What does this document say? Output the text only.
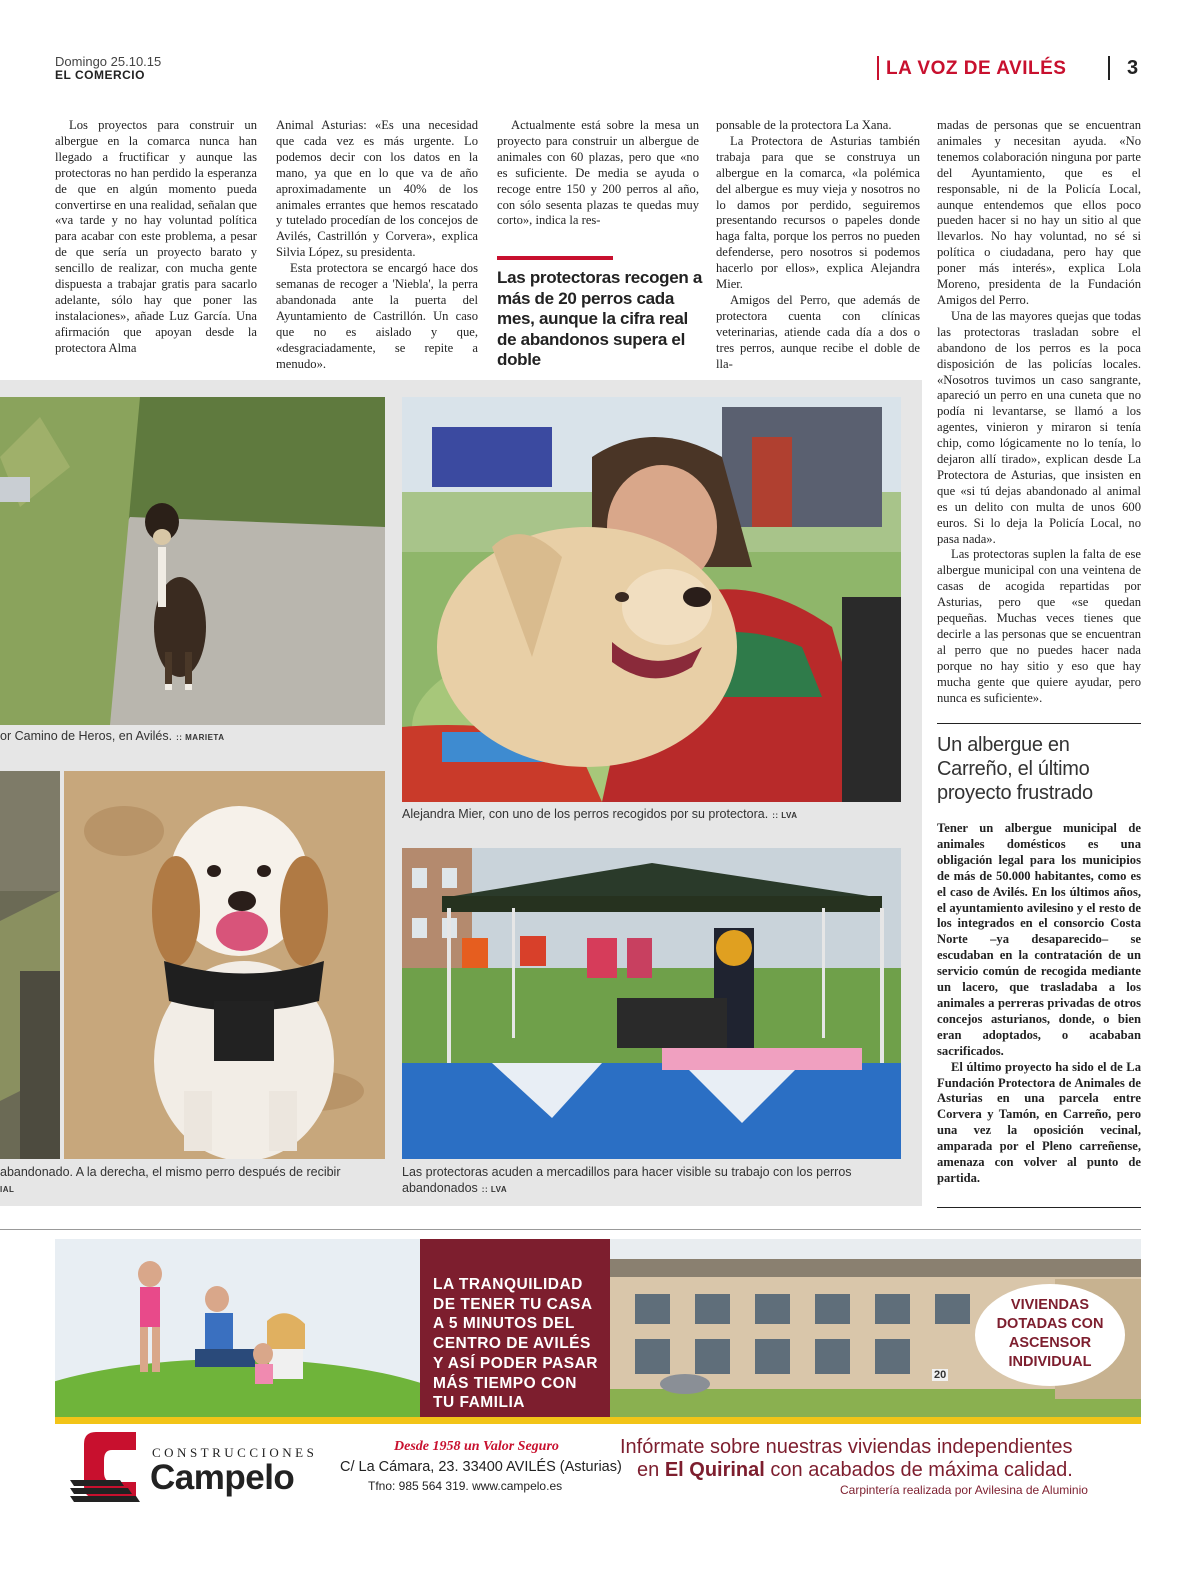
Domingo 25.10.15
EL COMERCIO	LA VOZ DE AVILÉS	3

Los proyectos para construir un albergue en la comarca nunca han llegado a fructificar y aunque las protectoras no han perdido la esperanza de que en algún momento pueda convertirse en una realidad, señalan que «va tarde y no hay voluntad política para acabar con este problema, a pesar de que sería un proyecto barato y sencillo de realizar, con mucha gente dispuesta a trabajar gratis para sacarlo adelante, sólo hay que poner las instalaciones», añade Luz García. Una afirmación que apoyan desde la protectora Alma

Animal Asturias: «Es una necesidad que cada vez es más urgente. Lo podemos decir con los datos en la mano, ya que en lo que va de año aproximadamente un 40% de los animales errantes que hemos rescatado y tutelado procedían de los concejos de Avilés, Castrillón y Corvera», explica Silvia López, su presidenta.

Esta protectora se encargó hace dos semanas de recoger a 'Niebla', la perra abandonada ante la puerta del Ayuntamiento de Castrillón. Un caso que no es aislado y que, «desgraciadamente, se repite a menudo».

Actualmente está sobre la mesa un proyecto para construir un albergue de animales con 60 plazas, pero que «no es suficiente. De media se ayuda o recoge entre 150 y 200 perros al año, con sólo sesenta plazas te quedas muy corto», indica la res-

Las protectoras recogen a más de 20 perros cada mes, aunque la cifra real de abandonos supera el doble

ponsable de la protectora La Xana.

La Protectora de Asturias también trabaja para que se construya un albergue en la comarca, «la polémica del albergue es muy vieja y nosotros no lo damos por perdido, seguiremos presentando recursos o papeles donde haga falta, porque los perros no pueden defenderse, pero nosotros si podemos hacerlo por ellos», explica Alejandra Mier.

Amigos del Perro, que además de protectora cuenta con clínicas veterinarias, atiende cada día a dos o tres perros, aunque recibe el doble de lla-

madas de personas que se encuentran animales y necesitan ayuda. «No tenemos colaboración ninguna por parte del Ayuntamiento, que es el responsable, ni de la Policía Local, aunque entendemos que ellos poco pueden hacer si no hay un sitio al que llevarlos. No hay voluntad, no sé si política o ciudadana, pero hay que poner más interés», explica Lola Moreno, presidenta de la Fundación Amigos del Perro.

Una de las mayores quejas que todas las protectoras trasladan sobre el abandono de los perros es la poca disposición de las policías locales. «Nosotros tuvimos un caso sangrante, apareció un perro en una cuneta que no podía ni levantarse, se llamó a los agentes, vinieron y miraron si tenía chip, como lógicamente no lo tenía, lo dejaron allí tirado», explican desde La Protectora de Asturias, que insisten en que «si tú dejas abandonado al animal es un delito con multa de unos 600 euros. Si lo deja la Policía Local, no pasa nada».

Las protectoras suplen la falta de ese albergue municipal con una veintena de casas de acogida repartidas por Asturias, pero que «se quedan pequeñas. Muchas veces tienes que decirle a las personas que se encuentran al perro que no puedes hacer nada porque no hay sitio y eso que hay mucha gente que quiere ayudar, pero nunca es suficiente».

or Camino de Heros, en Avilés. :: MARIETA
Alejandra Mier, con uno de los perros recogidos por su protectora. :: LVA
abandonado. A la derecha, el mismo perro después de recibir
IAL
Las protectoras acuden a mercadillos para hacer visible su trabajo con los perros abandonados :: LVA
Un albergue en Carreño, el último proyecto frustrado

Tener un albergue municipal de animales domésticos es una obligación legal para los municipios de más de 50.000 habitantes, como es el caso de Avilés. En los últimos años, el ayuntamiento avilesino y el resto de los integrados en el consorcio Costa Norte –ya desaparecido– se escudaban en la contratación de un servicio común de recogida mediante un lacero, que trasladaba a los animales a perreras privadas de otros concejos asturianos, donde, o bien eran adoptados, o acababan sacrificados.

El último proyecto ha sido el de La Fundación Protectora de Animales de Asturias en una parcela entre Corvera y Tamón, en Carreño, pero una vez la oposición vecinal, amparada por el Pleno carreñense, amenaza con volver al punto de partida.

LA TRANQUILIDAD
DE TENER TU CASA
A 5 MINUTOS DEL
CENTRO DE AVILÉS
Y ASÍ PODER PASAR
MÁS TIEMPO CON
TU FAMILIA
VIVIENDAS
DOTADAS CON
ASCENSOR
INDIVIDUAL
20
CONSTRUCCIONES
Campelo
Desde 1958 un Valor Seguro
C/ La Cámara, 23. 33400 AVILÉS (Asturias)
Tfno: 985 564 319. www.campelo.es
Infórmate sobre nuestras viviendas independientes
en El Quirinal con acabados de máxima calidad.
Carpintería realizada por Avilesina de Aluminio
